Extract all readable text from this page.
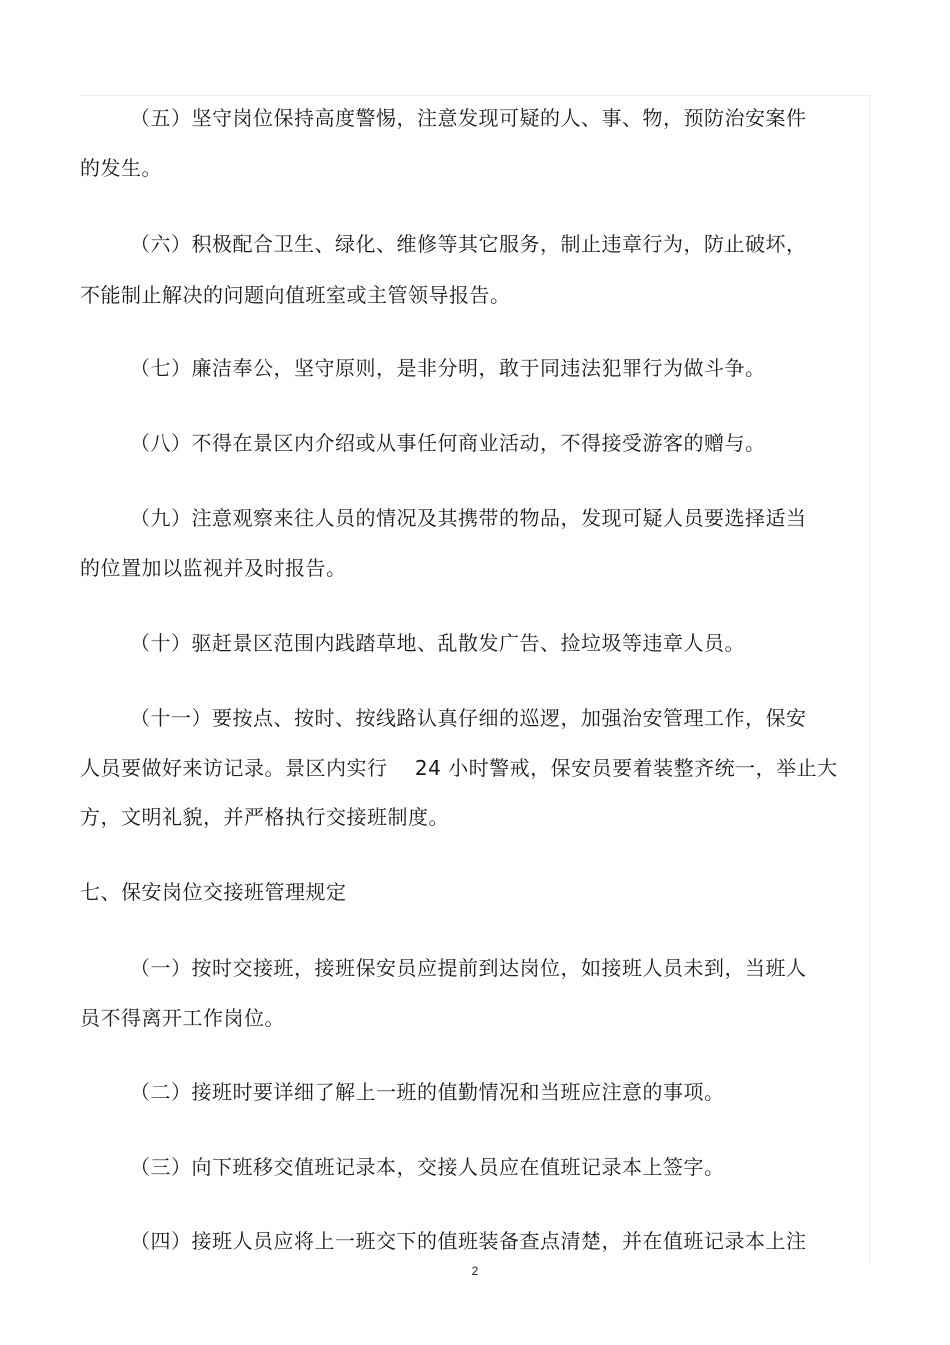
（五）坚守岗位保持高度警惕，注意发现可疑的人、事、物，预防治安案件
的发生。
（六）积极配合卫生、绿化、维修等其它服务，制止违章行为，防止破坏，
不能制止解决的问题向值班室或主管领导报告。
（七）廉洁奉公，坚守原则，是非分明，敢于同违法犯罪行为做斗争。
（八）不得在景区内介绍或从事任何商业活动，不得接受游客的赠与。
（九）注意观察来往人员的情况及其携带的物品，发现可疑人员要选择适当
的位置加以监视并及时报告。
（十）驱赶景区范围内践踏草地、乱散发广告、捡垃圾等违章人员。
（十一）要按点、按时、按线路认真仔细的巡逻，加强治安管理工作，保安
人员要做好来访记录。景区内实行　 24 小时警戒，保安员要着装整齐统一，举止大
方，文明礼貌，并严格执行交接班制度。
七、保安岗位交接班管理规定
（一）按时交接班，接班保安员应提前到达岗位，如接班人员未到，当班人
员不得离开工作岗位。
（二）接班时要详细了解上一班的值勤情况和当班应注意的事项。
（三）向下班移交值班记录本，交接人员应在值班记录本上签字。
（四）接班人员应将上一班交下的值班装备查点清楚，并在值班记录本上注
2
